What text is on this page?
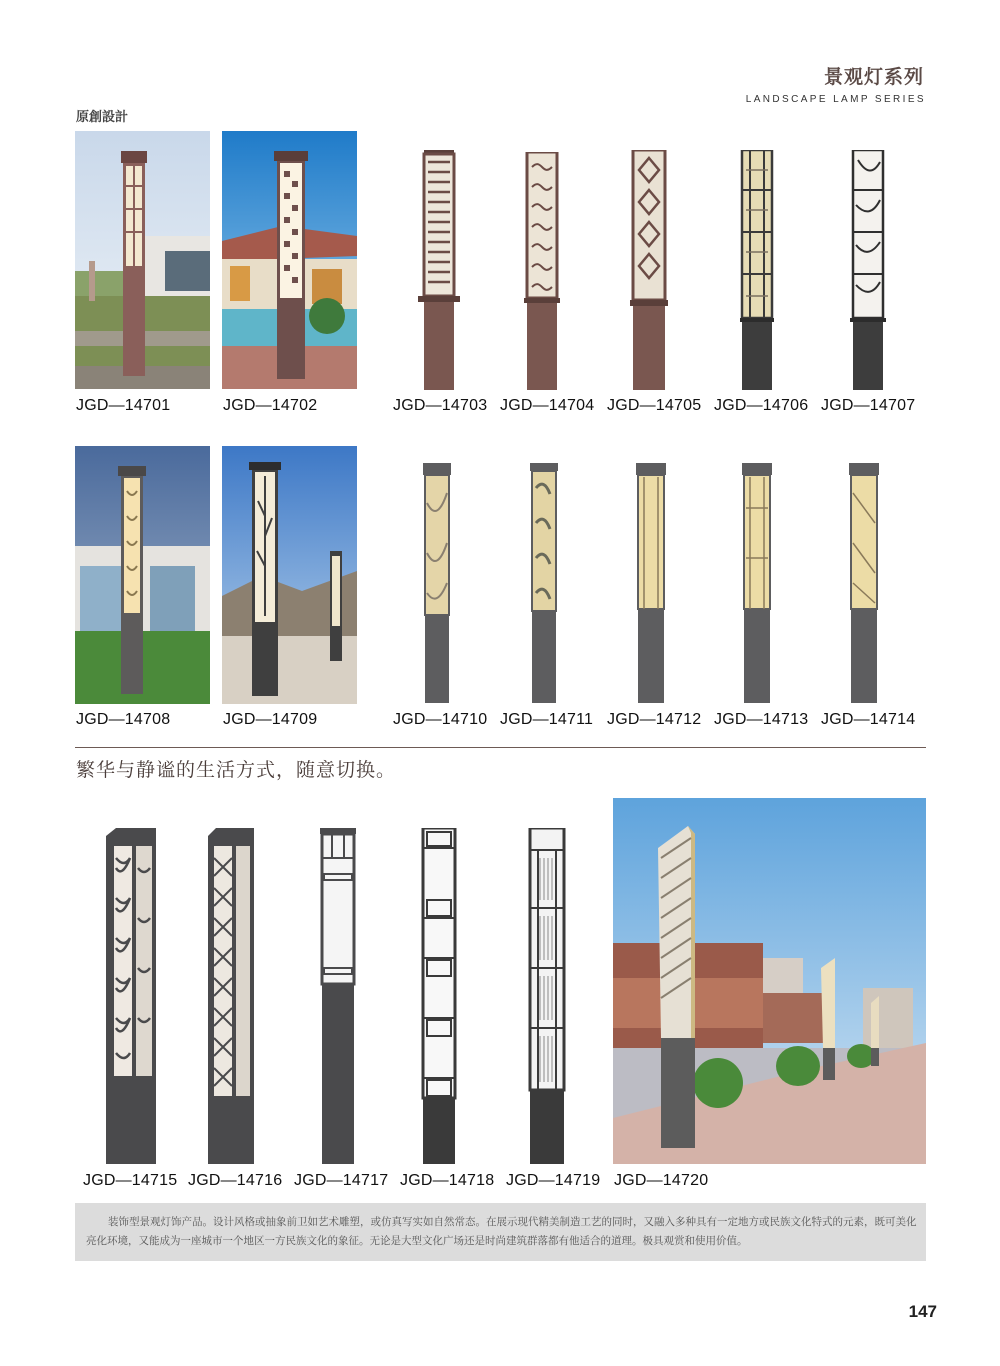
景观灯系列
LANDSCAPE LAMP SERIES
原創設計
JGD—14701	JGD—14702	JGD—14703 JGD—14704 JGD—14705 JGD—14706 JGD—14707
JGD—14708	JGD—14709	JGD—14710 JGD—14711 JGD—14712 JGD—14713 JGD—14714
繁华与静谧的生活方式，随意切换。
JGD—14715 JGD—14716 JGD—14717 JGD—14718 JGD—14719 JGD—14720
装饰型景观灯饰产品。设计风格或抽象前卫如艺术雕塑，或仿真写实如自然常态。在展示现代精美制造工艺的同时，又融入多种具有一定地方或民族文化特式的元素，既可美化亮化环境，又能成为一座城市一个地区一方民族文化的象征。无论是大型文化广场还是时尚建筑群落都有他适合的道理。极具观赏和使用价值。
147
